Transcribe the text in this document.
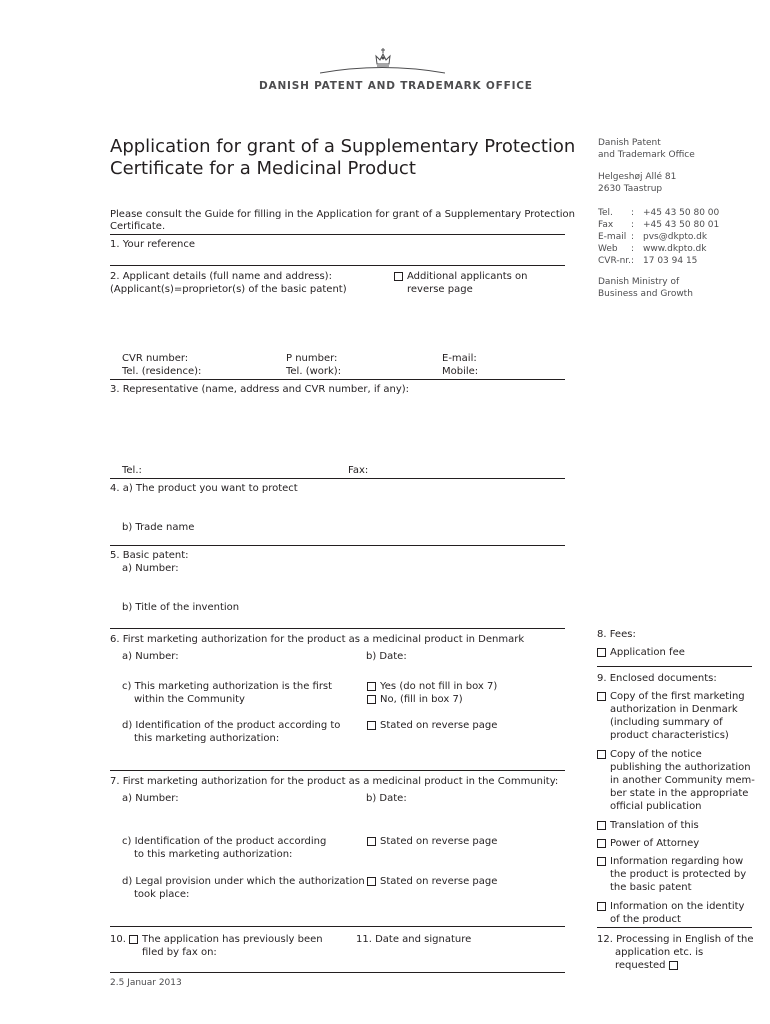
DANISH PATENT AND TRADEMARK OFFICE
Application for grant of a Supplementary Protection
Certificate for a Medicinal Product
Danish Patent
and Trademark Office
Helgeshøj Allé 81
2630 Taastrup
Tel. : +45 43 50 80 00
Fax : +45 43 50 80 01
E-mail : pvs@dkpto.dk
Web : www.dkpto.dk
CVR-nr. : 17 03 94 15
Danish Ministry of
Business and Growth
Please consult the Guide for filling in the Application for grant of a Supplementary Protection
Certificate.
1. Your reference
2. Applicant details (full name and address):
(Applicant(s)=proprietor(s) of the basic patent)
Additional applicants on
reverse page
CVR number:	P number:	E-mail:
Tel. (residence):	Tel. (work):	Mobile:
3. Representative (name, address and CVR number, if any):
Tel.:	Fax:
4. a) The product you want to protect
b) Trade name
5. Basic patent:
a) Number:
b) Title of the invention
6. First marketing authorization for the product as a medicinal product in Denmark
a) Number:	b) Date:
c) This marketing authorization is the first
within the Community
Yes (do not fill in box 7)
No, (fill in box 7)
d) Identification of the product according to
this marketing authorization:
Stated on reverse page
7. First marketing authorization for the product as a medicinal product in the Community:
a) Number:	b) Date:
c) Identification of the product according
to this marketing authorization:
Stated on reverse page
d) Legal provision under which the authorization
took place:
Stated on reverse page
10. The application has previously been
filed by fax on:
11. Date and signature
2.5 Januar 2013
8. Fees:
Application fee
9. Enclosed documents:
Copy of the first marketing
authorization in Denmark
(including summary of
product characteristics)
Copy of the notice
publishing the authorization
in another Community mem-
ber state in the appropriate
official publication
Translation of this
Power of Attorney
Information regarding how
the product is protected by
the basic patent
Information on the identity
of the product
12. Processing in English of the
application etc. is
requested
